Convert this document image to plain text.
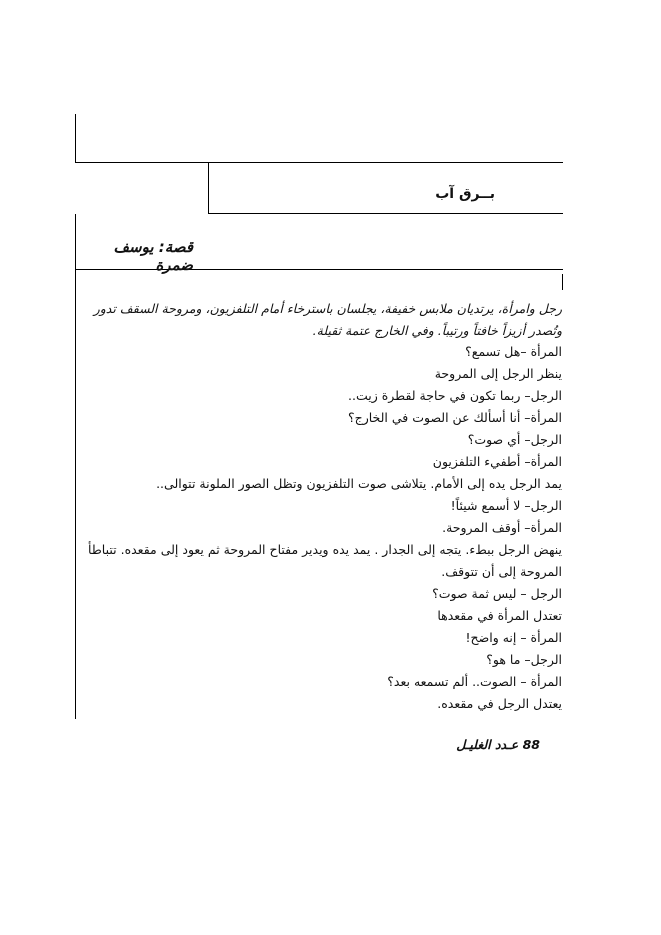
بــرق آب
قصة: يوسف ضمرة
رجل وامرأة، يرتديان ملابس خفيفة، يجلسان باسترخاء أمام التلفزيون، ومروحة السقف تدور وتُصدر أزيزاً خافتاً ورتيباً. وفي الخارج عتمة ثقيلة.
المرأة –هل تسمع؟
ينظر الرجل إلى المروحة
الرجل– ربما تكون في حاجة لقطرة زيت..
المرأة– أنا أسألك عن الصوت في الخارج؟
الرجل– أي صوت؟
المرأة– أطفيء التلفزيون
يمد الرجل يده إلى الأمام. يتلاشى صوت التلفزيون وتظل الصور الملونة تتوالى..
الرجل– لا أسمع شيئاً!
المرأة– أوقف المروحة.
ينهض الرجل ببطء. يتجه إلى الجدار . يمد يده ويدير مفتاح المروحة ثم يعود إلى مقعده. تتباطأ المروحة إلى أن تتوقف.
الرجل – ليس ثمة صوت؟
تعتدل المرأة في مقعدها
المرأة – إنه واضح!
الرجل– ما هو؟
المرأة – الصوت.. ألم تسمعه بعد؟
يعتدل الرجل في مقعده.
88 عـدد الغليـل
